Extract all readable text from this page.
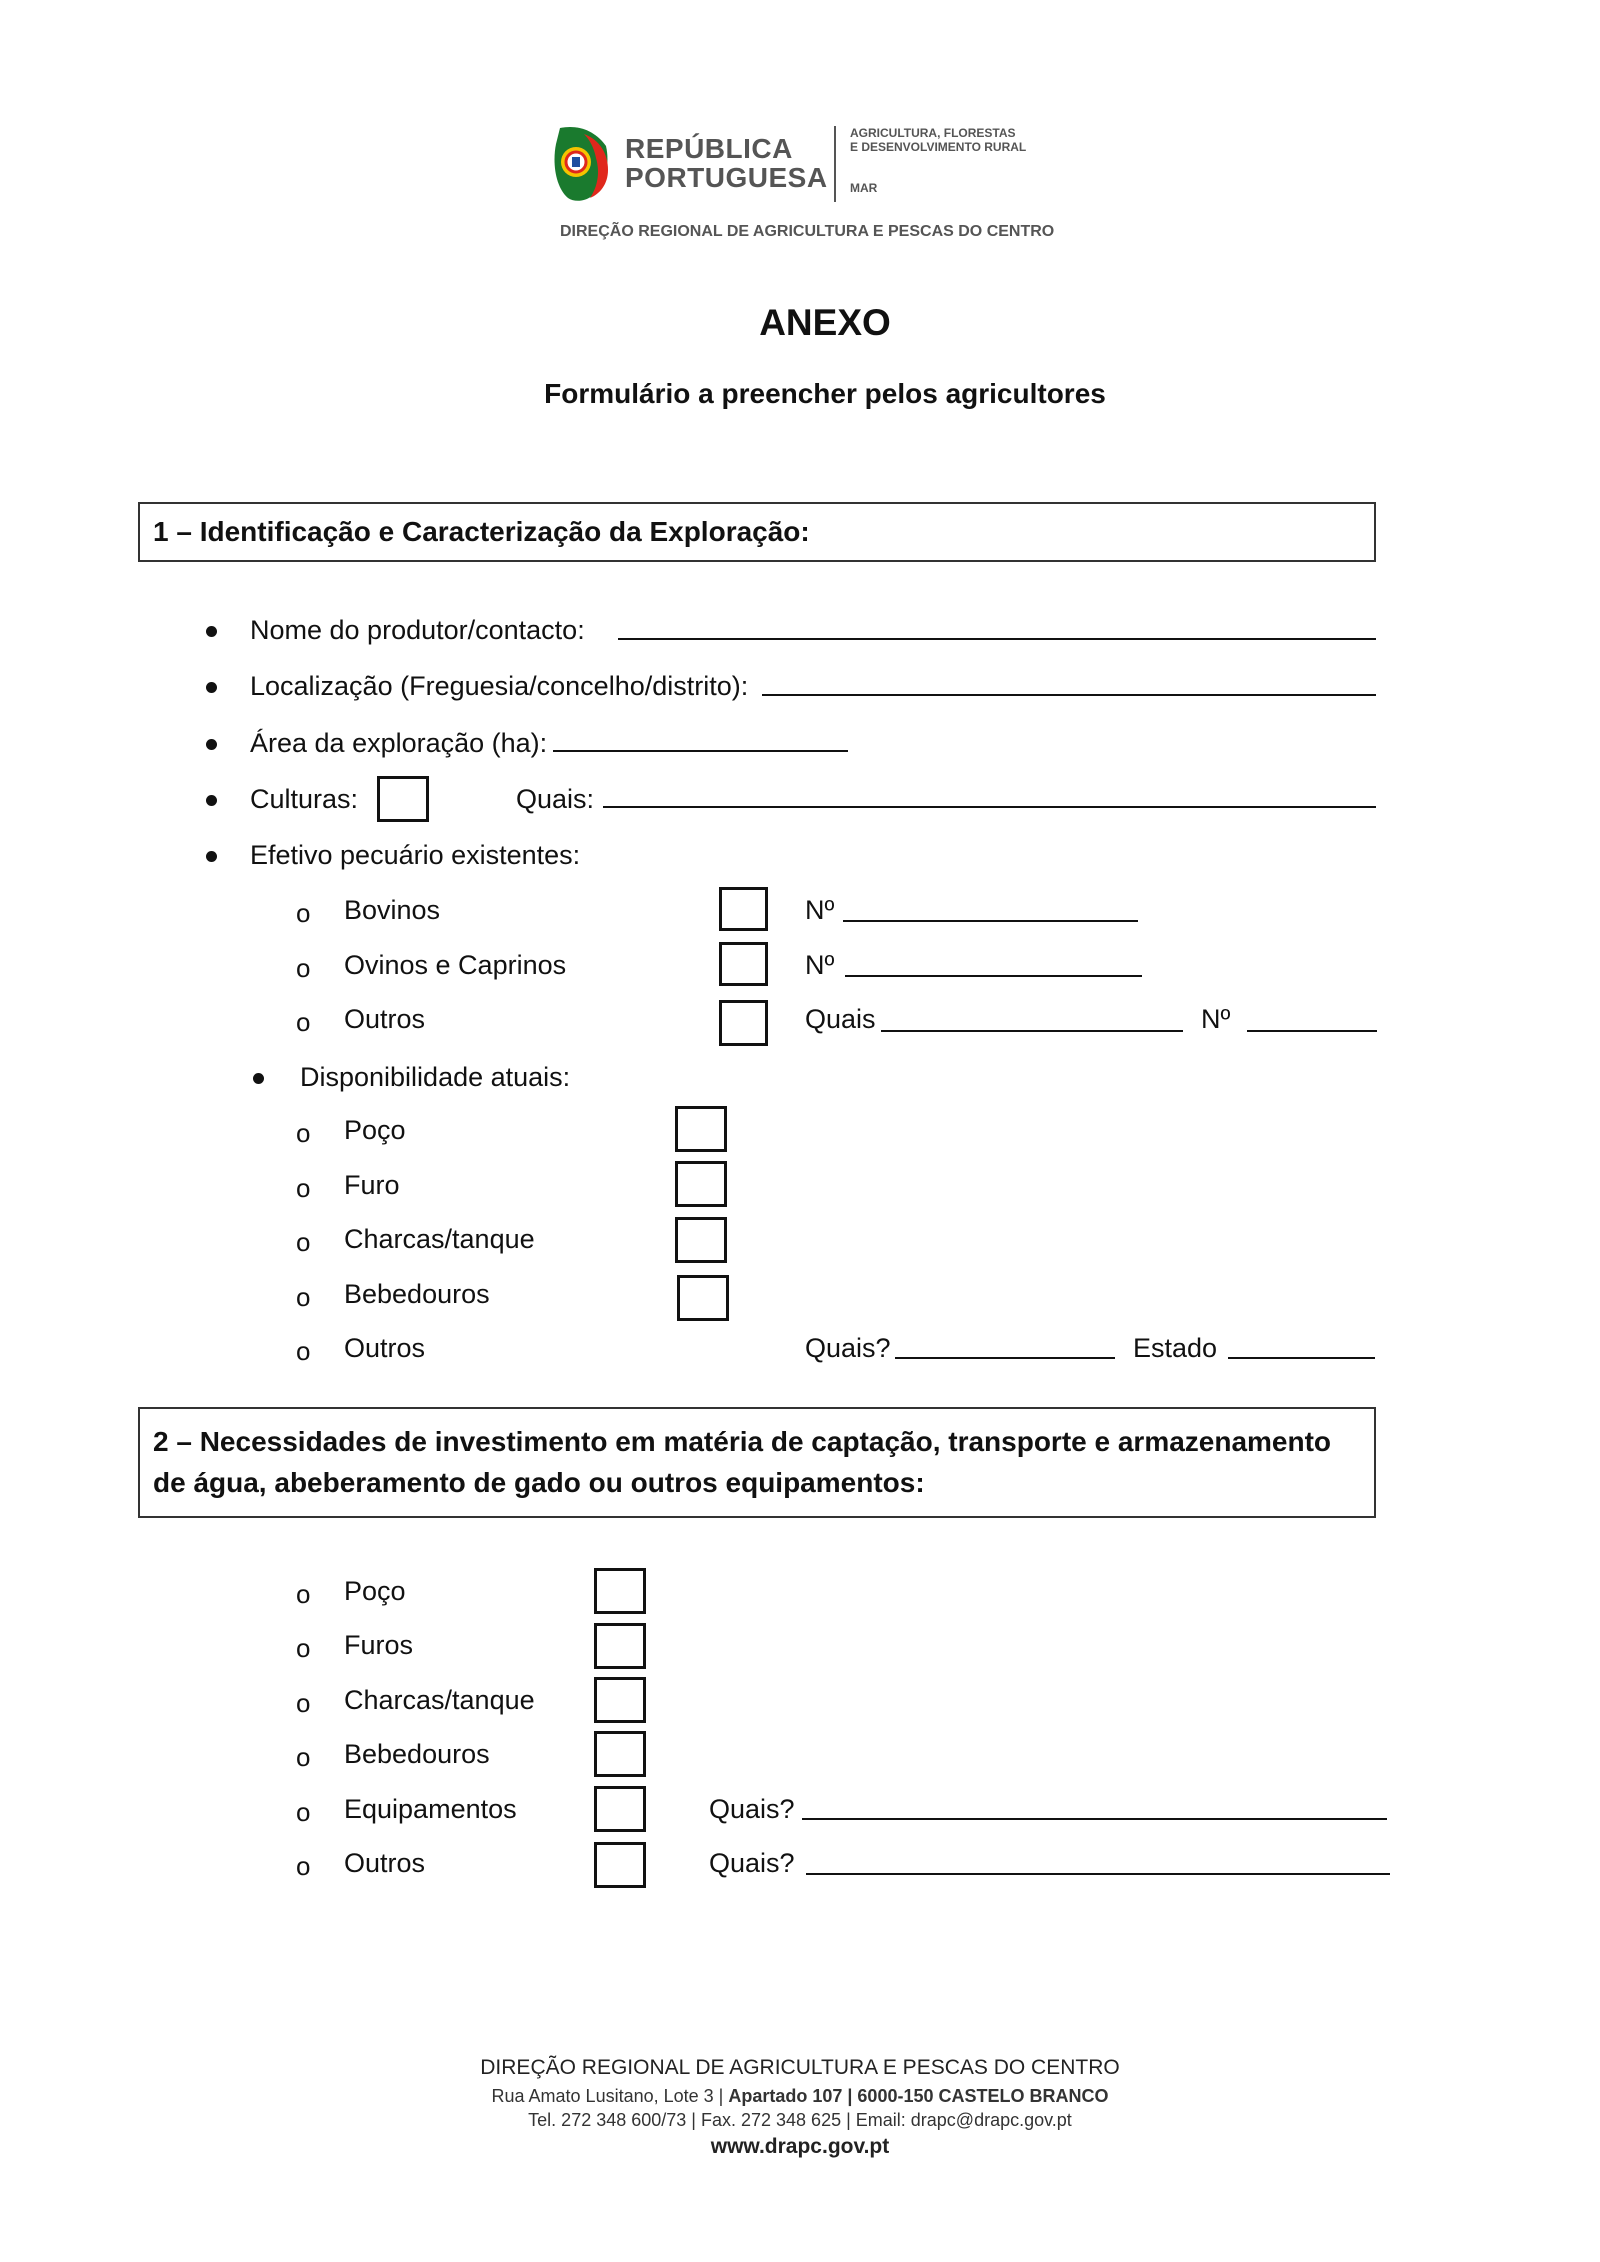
REPÚBLICA
PORTUGUESA
AGRICULTURA, FLORESTAS
E DESENVOLVIMENTO RURAL
MAR
DIREÇÃO REGIONAL DE AGRICULTURA E PESCAS DO CENTRO
ANEXO
Formulário a preencher pelos agricultores
1 – Identificação e Caracterização da Exploração:
Nome do produtor/contacto:
Localização (Freguesia/concelho/distrito):
Área da exploração (ha):
Culturas:	Quais:
Efetivo pecuário existentes:
o Bovinos	Nº
o Ovinos e Caprinos	Nº
o Outros	Quais	Nº
Disponibilidade atuais:
o Poço
o Furo
o Charcas/tanque
o Bebedouros
o Outros	Quais?	Estado
2 – Necessidades de investimento em matéria de captação, transporte e armazenamento
de água, abeberamento de gado ou outros equipamentos:
o Poço
o Furos
o Charcas/tanque
o Bebedouros
o Equipamentos	Quais?
o Outros	Quais?
DIREÇÃO REGIONAL DE AGRICULTURA E PESCAS DO CENTRO
Rua Amato Lusitano, Lote 3 | Apartado 107 | 6000-150 CASTELO BRANCO
Tel. 272 348 600/73 | Fax. 272 348 625 | Email: drapc@drapc.gov.pt
www.drapc.gov.pt
